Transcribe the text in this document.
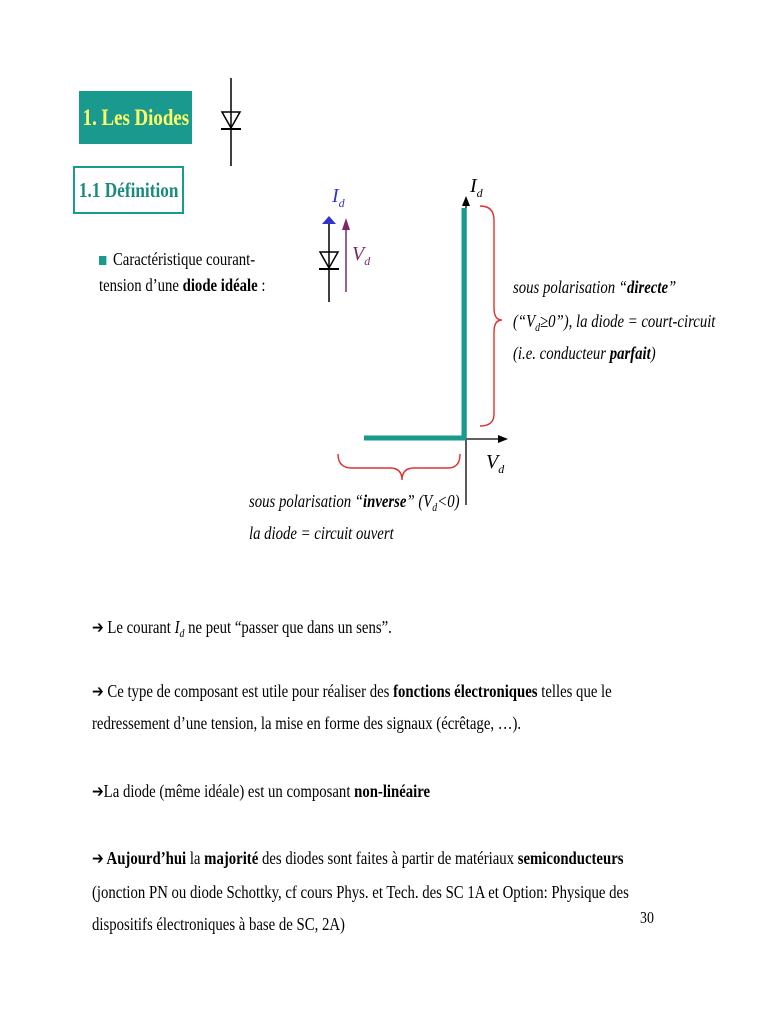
1. Les Diodes
1.1 Définition
Caractéristique courant-
tension d’une diode idéale :
$I_d$
$V_d$
$I_d$
$V_d$
sous polarisation “directe”
$(“V_d\ge 0”)$, la diode = court-circuit
(i.e. conducteur parfait)
sous polarisation “inverse” $(V_d<0)$
la diode = circuit ouvert
➔ Le courant $I_d$ ne peut “passer que dans un sens”.
➔ Ce type de composant est utile pour réaliser des fonctions électroniques telles que le
redressement d’une tension, la mise en forme des signaux (écrêtage, …).
➔La diode (même idéale) est un composant non-linéaire
➔ Aujourd’hui la majorité des diodes sont faites à partir de matériaux semiconducteurs
(jonction PN ou diode Schottky, cf cours Phys. et Tech. des SC 1A et Option: Physique des
dispositifs électroniques à base de SC, 2A)	30
